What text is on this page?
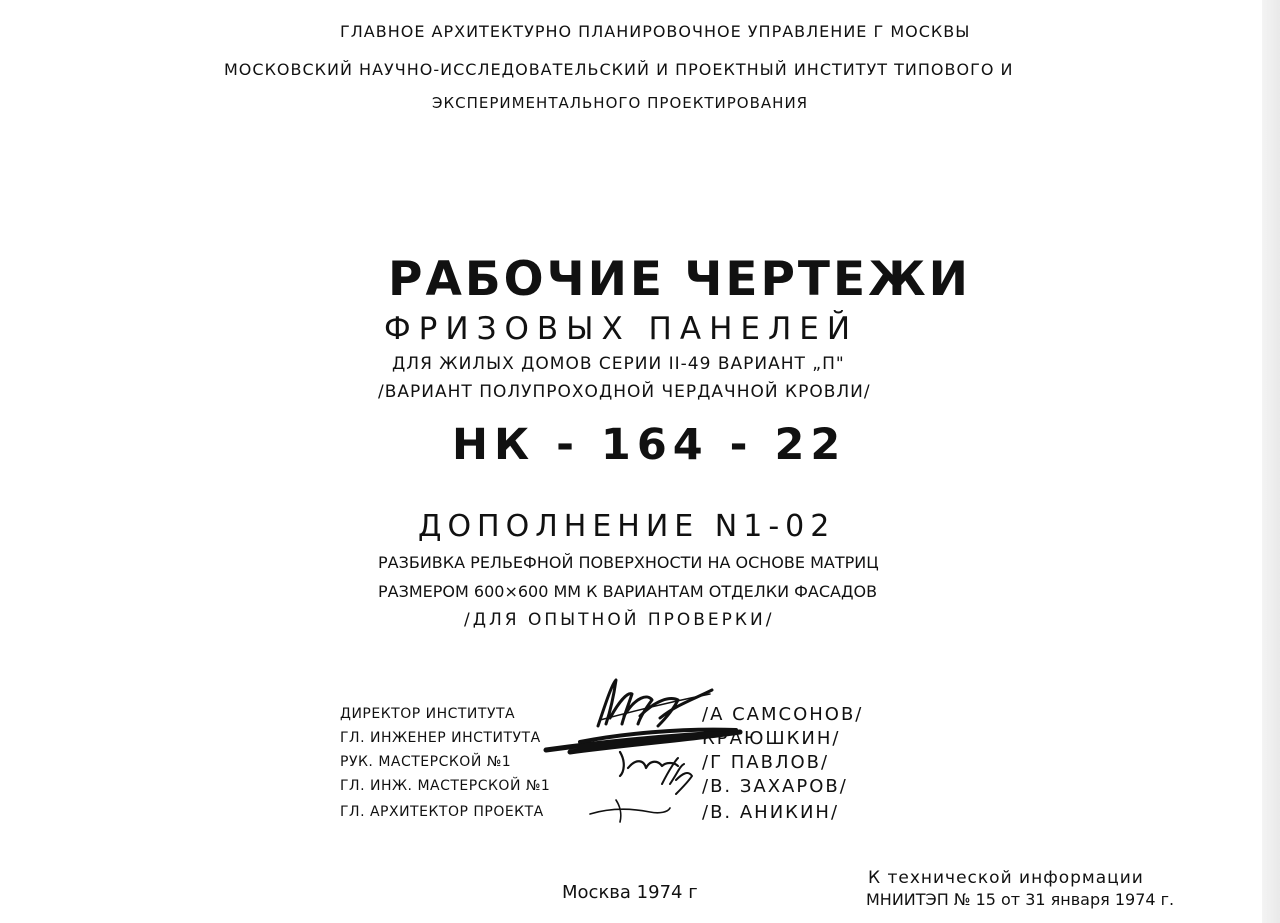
ГЛАВНОЕ АРХИТЕКТУРНО ПЛАНИРОВОЧНОЕ УПРАВЛЕНИЕ Г МОСКВЫ
МОСКОВСКИЙ НАУЧНО-ИССЛЕДОВАТЕЛЬСКИЙ И ПРОЕКТНЫЙ ИНСТИТУТ ТИПОВОГО И
ЭКСПЕРИМЕНТАЛЬНОГО ПРОЕКТИРОВАНИЯ
РАБОЧИЕ ЧЕРТЕЖИ
ФРИЗОВЫХ ПАНЕЛЕЙ
ДЛЯ ЖИЛЫХ ДОМОВ СЕРИИ II-49 ВАРИАНТ „П"
/ВАРИАНТ ПОЛУПРОХОДНОЙ ЧЕРДАЧНОЙ КРОВЛИ/
НК - 164 - 22
ДОПОЛНЕНИЕ N1-02
РАЗБИВКА РЕЛЬЕФНОЙ ПОВЕРХНОСТИ НА ОСНОВЕ МАТРИЦ
РАЗМЕРОМ 600×600 ММ К ВАРИАНТАМ ОТДЕЛКИ ФАСАДОВ
/ДЛЯ ОПЫТНОЙ ПРОВЕРКИ/
ДИРЕКТОР ИНСТИТУТА	/А САМСОНОВ/
ГЛ. ИНЖЕНЕР ИНСТИТУТА	КРАЮШКИН/
РУК. МАСТЕРСКОЙ №1	/Г ПАВЛОВ/
ГЛ. ИНЖ. МАСТЕРСКОЙ №1	/В. ЗАХАРОВ/
ГЛ. АРХИТЕКТОР ПРОЕКТА	/В. АНИКИН/
Москва 1974 г
К технической информации
МНИИТЭП № 15 от 31 января 1974 г.
